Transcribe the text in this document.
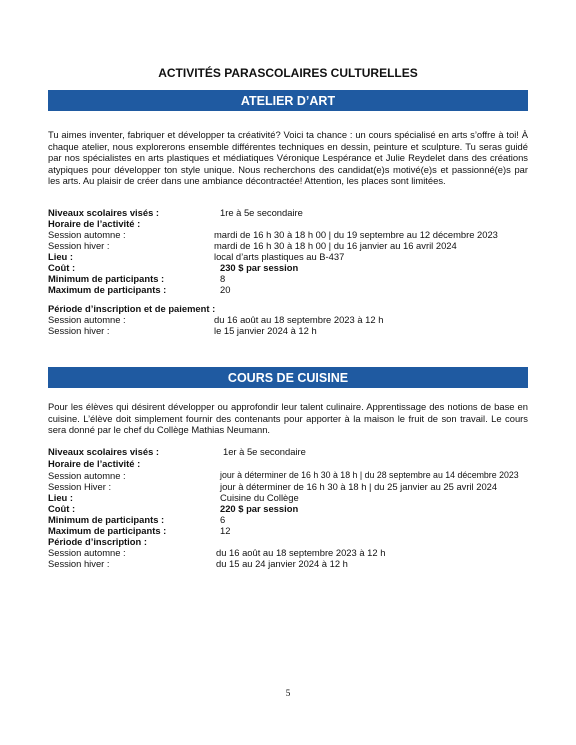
ACTIVITÉS PARASCOLAIRES CULTURELLES
ATELIER D’ART
Tu aimes inventer, fabriquer et développer ta créativité? Voici ta chance : un cours spécialisé en arts s’offre à toi! À chaque atelier, nous explorerons ensemble différentes techniques en dessin, peinture et sculpture. Tu seras guidé par nos spécialistes en arts plastiques et médiatiques Véronique Lespérance et Julie Reydelet dans des créations atypiques pour développer ton style unique. Nous recherchons des candidat(e)s motivé(e)s et passionné(e)s par les arts. Au plaisir de créer dans une ambiance décontractée! Attention, les places sont limitées.
Niveaux scolaires visés :	1re à 5e secondaire
Horaire de l’activité :
Session automne :	mardi de 16 h 30 à 18 h 00 | du 19 septembre au 12 décembre 2023
Session hiver :	mardi de 16 h 30 à 18 h 00 | du 16 janvier au 16 avril 2024
Lieu :	local d’arts plastiques au B-437
Coût :	230 $ par session
Minimum de participants :	8
Maximum de participants :	20
Période d’inscription et de paiement :
Session automne :	du 16 août au 18 septembre 2023 à 12 h
Session hiver :	le 15 janvier 2024 à 12 h
COURS DE CUISINE
Pour les élèves qui désirent développer ou approfondir leur talent culinaire. Apprentissage des notions de base en cuisine. L’élève doit simplement fournir des contenants pour apporter à la maison le fruit de son travail. Le cours sera donné par le chef du Collège Mathias Neumann.
Niveaux scolaires visés :	1er à 5e secondaire
Horaire de l’activité :
Session automne :	jour à déterminer de 16 h 30 à 18 h | du 28 septembre au 14 décembre 2023
Session Hiver :	jour à déterminer de 16 h 30 à 18 h | du 25 janvier au 25 avril 2024
Lieu :	Cuisine du Collège
Coût :	220 $ par session
Minimum de participants :	6
Maximum de participants :	12
Période d’inscription :
Session automne :	du 16 août au 18 septembre 2023 à 12 h
Session hiver :	du 15 au 24 janvier 2024 à 12 h
5
